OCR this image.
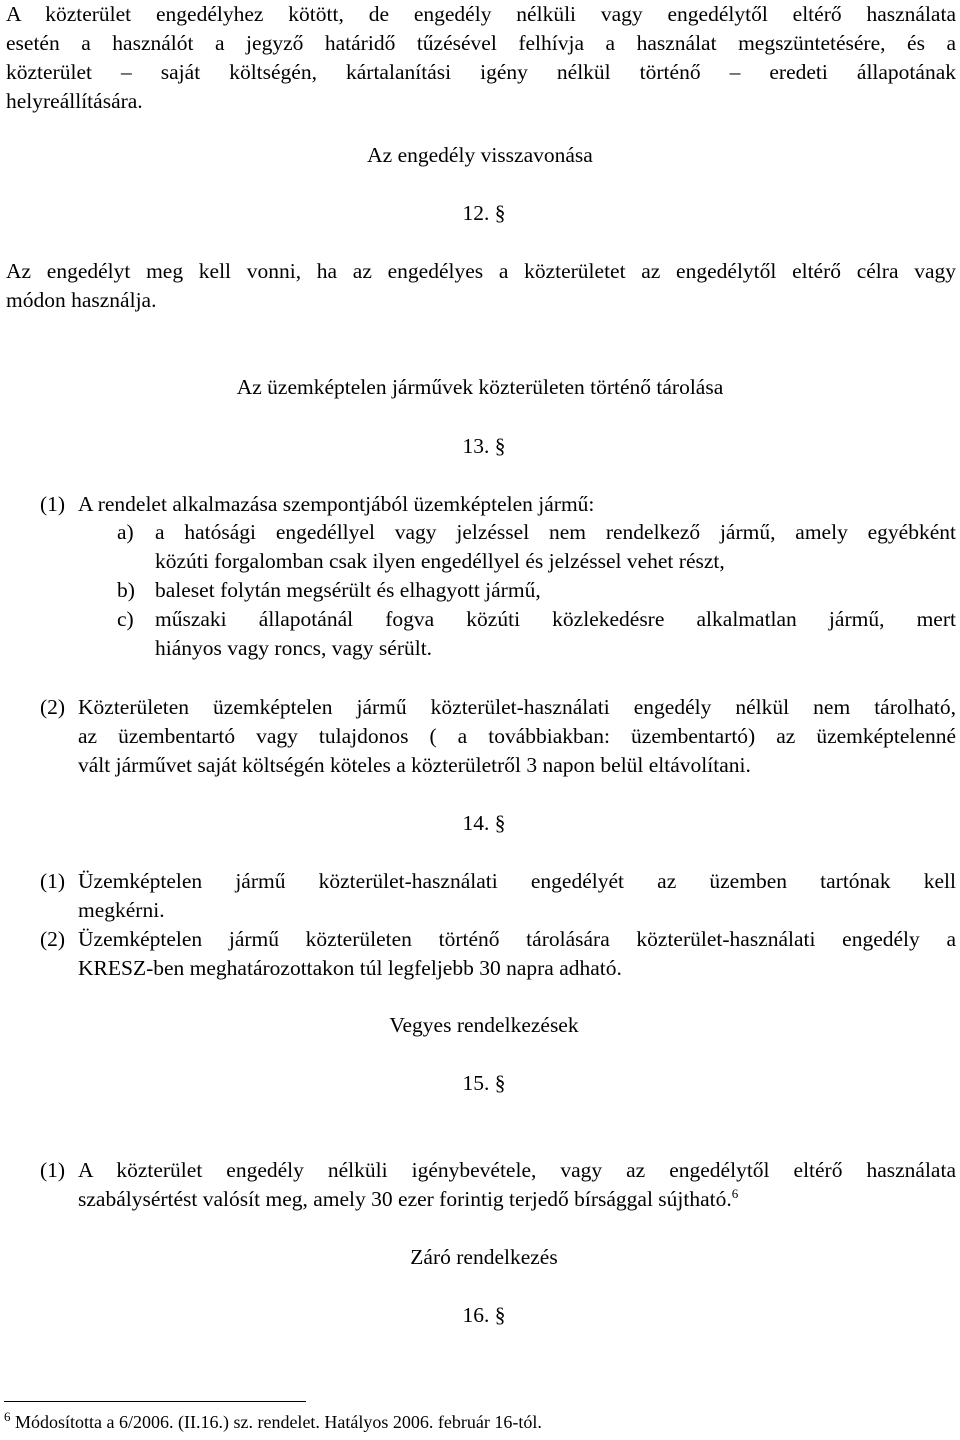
A közterület engedélyhez kötött, de engedély nélküli vagy engedélytől eltérő használata
esetén a használót a jegyző határidő tűzésével felhívja a használat megszüntetésére, és a
közterület – saját költségén, kártalanítási igény nélkül történő – eredeti állapotának
helyreállítására.
Az engedély visszavonása
12. §
Az engedélyt meg kell vonni, ha az engedélyes a közterületet az engedélytől eltérő célra vagy
módon használja.
Az üzemképtelen járművek közterületen történő tárolása
13. §
(1) A rendelet alkalmazása szempontjából üzemképtelen jármű:
a) a hatósági engedéllyel vagy jelzéssel nem rendelkező jármű, amely egyébként
közúti forgalomban csak ilyen engedéllyel és jelzéssel vehet részt,
b) baleset folytán megsérült és elhagyott jármű,
c) műszaki állapotánál fogva közúti közlekedésre alkalmatlan jármű, mert
hiányos vagy roncs, vagy sérült.
(2) Közterületen üzemképtelen jármű közterület-használati engedély nélkül nem tárolható,
az üzembentartó vagy tulajdonos ( a továbbiakban: üzembentartó) az üzemképtelenné
vált járművet saját költségén köteles a közterületről 3 napon belül eltávolítani.
14. §
(1) Üzemképtelen jármű közterület-használati engedélyét az üzemben tartónak kell
megkérni.
(2) Üzemképtelen jármű közterületen történő tárolására közterület-használati engedély a
KRESZ-ben meghatározottakon túl legfeljebb 30 napra adható.
Vegyes rendelkezések
15. §
(1) A közterület engedély nélküli igénybevétele, vagy az engedélytől eltérő használata
szabálysértést valósít meg, amely 30 ezer forintig terjedő bírsággal sújtható.$^6$
Záró rendelkezés
16. §
$^6$ Módosította a 6/2006. (II.16.) sz. rendelet. Hatályos 2006. február 16-tól.
